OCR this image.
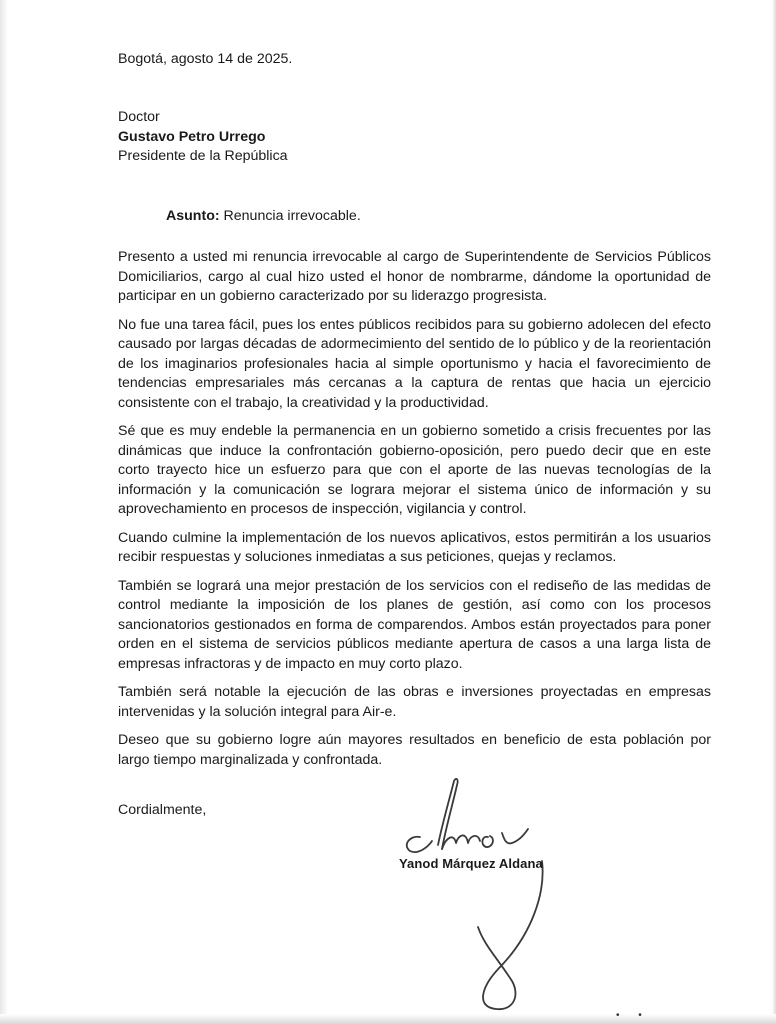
Bogotá, agosto 14 de 2025.
Doctor
Gustavo Petro Urrego
Presidente de la República
Asunto: Renuncia irrevocable.

Presento a usted mi renuncia irrevocable al cargo de Superintendente de Servicios Públicos Domiciliarios, cargo al cual hizo usted el honor de nombrarme, dándome la oportunidad de participar en un gobierno caracterizado por su liderazgo progresista.

No fue una tarea fácil, pues los entes públicos recibidos para su gobierno adolecen del efecto causado por largas décadas de adormecimiento del sentido de lo público y de la reorientación de los imaginarios profesionales hacia al simple oportunismo y hacia el favorecimiento de tendencias empresariales más cercanas a la captura de rentas que hacia un ejercicio consistente con el trabajo, la creatividad y la productividad.

Sé que es muy endeble la permanencia en un gobierno sometido a crisis frecuentes por las dinámicas que induce la confrontación gobierno-oposición, pero puedo decir que en este corto trayecto hice un esfuerzo para que con el aporte de las nuevas tecnologías de la información y la comunicación se lograra mejorar el sistema único de información y su aprovechamiento en procesos de inspección, vigilancia y control.

Cuando culmine la implementación de los nuevos aplicativos, estos permitirán a los usuarios recibir respuestas y soluciones inmediatas a sus peticiones, quejas y reclamos.

También se logrará una mejor prestación de los servicios con el rediseño de las medidas de control mediante la imposición de los planes de gestión, así como con los procesos sancionatorios gestionados en forma de comparendos. Ambos están proyectados para poner orden en el sistema de servicios públicos mediante apertura de casos a una larga lista de empresas infractoras y de impacto en muy corto plazo.

También será notable la ejecución de las obras e inversiones proyectadas en empresas intervenidas y la solución integral para Air-e.

Deseo que su gobierno logre aún mayores resultados en beneficio de esta población por largo tiempo marginalizada y confrontada.

Cordialmente,
Yanod Márquez Aldana
• •
